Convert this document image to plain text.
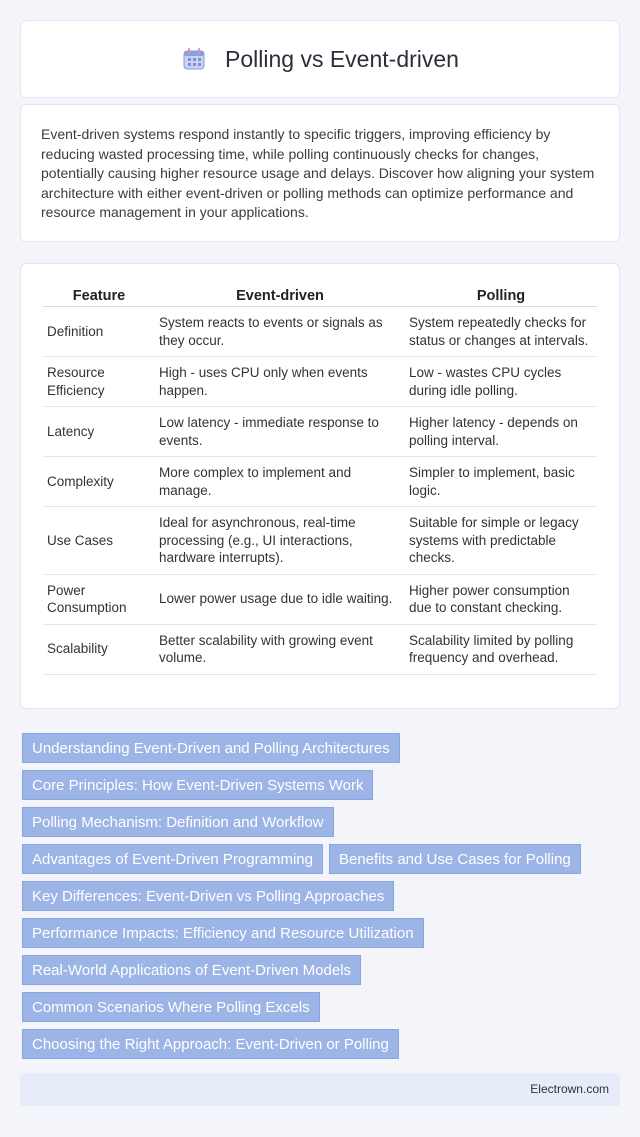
Polling vs Event-driven

Event-driven systems respond instantly to specific triggers, improving efficiency by reducing wasted processing time, while polling continuously checks for changes, potentially causing higher resource usage and delays. Discover how aligning your system architecture with either event-driven or polling methods can optimize performance and resource management in your applications.

Feature	Event-driven	Polling
Definition	System reacts to events or signals as they occur.	System repeatedly checks for status or changes at intervals.
Resource Efficiency	High - uses CPU only when events happen.	Low - wastes CPU cycles during idle polling.
Latency	Low latency - immediate response to events.	Higher latency - depends on polling interval.
Complexity	More complex to implement and manage.	Simpler to implement, basic logic.
Use Cases	Ideal for asynchronous, real-time processing (e.g., UI interactions, hardware interrupts).	Suitable for simple or legacy systems with predictable checks.
Power Consumption	Lower power usage due to idle waiting.	Higher power consumption due to constant checking.
Scalability	Better scalability with growing event volume.	Scalability limited by polling frequency and overhead.
Understanding Event-Driven and Polling Architectures
Core Principles: How Event-Driven Systems Work
Polling Mechanism: Definition and Workflow
Advantages of Event-Driven Programming	Benefits and Use Cases for Polling
Key Differences: Event-Driven vs Polling Approaches
Performance Impacts: Efficiency and Resource Utilization
Real-World Applications of Event-Driven Models
Common Scenarios Where Polling Excels
Choosing the Right Approach: Event-Driven or Polling
Electrown.com
